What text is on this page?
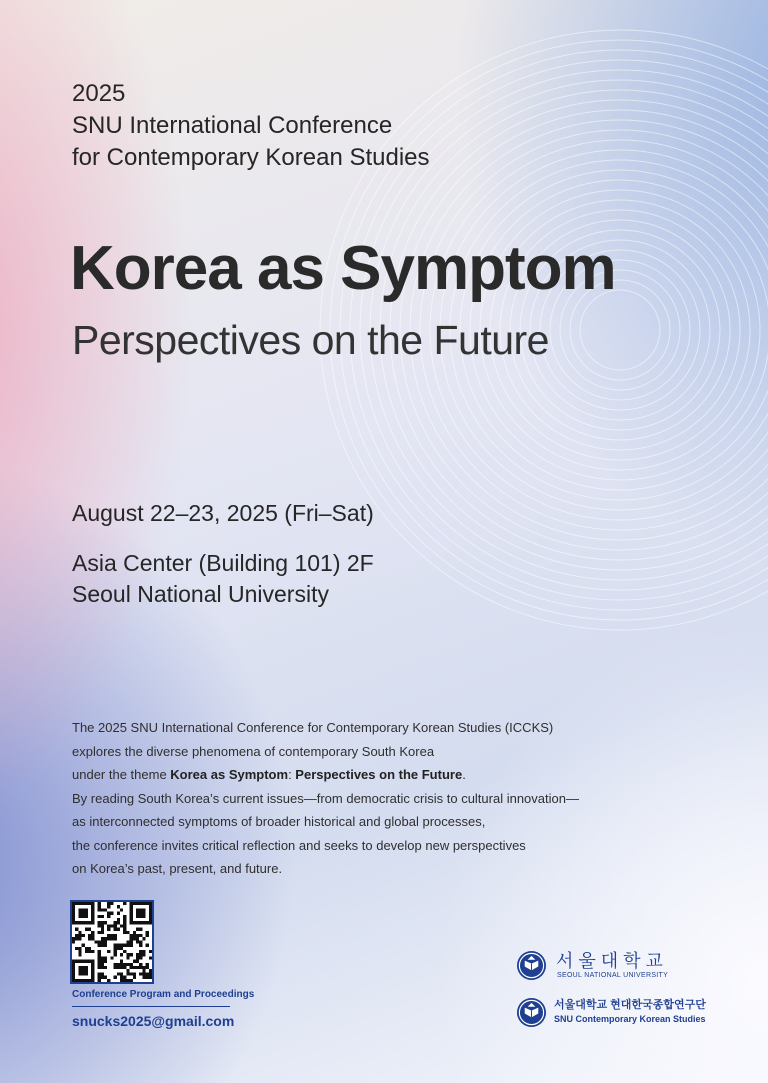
2025
SNU International Conference
for Contemporary Korean Studies
Korea as Symptom
Perspectives on the Future
August 22–23, 2025 (Fri–Sat)
Asia Center (Building 101) 2F
Seoul National University
The 2025 SNU International Conference for Contemporary Korean Studies (ICCKS)
explores the diverse phenomena of contemporary South Korea
under the theme Korea as Symptom: Perspectives on the Future.
By reading South Korea’s current issues—from democratic crisis to cultural innovation—
as interconnected symptoms of broader historical and global processes,
the conference invites critical reflection and seeks to develop new perspectives
on Korea’s past, present, and future.
Conference Program and Proceedings
snucks2025@gmail.com
서울대학교
SEOUL NATIONAL UNIVERSITY
서울대학교 현대한국종합연구단
SNU Contemporary Korean Studies
